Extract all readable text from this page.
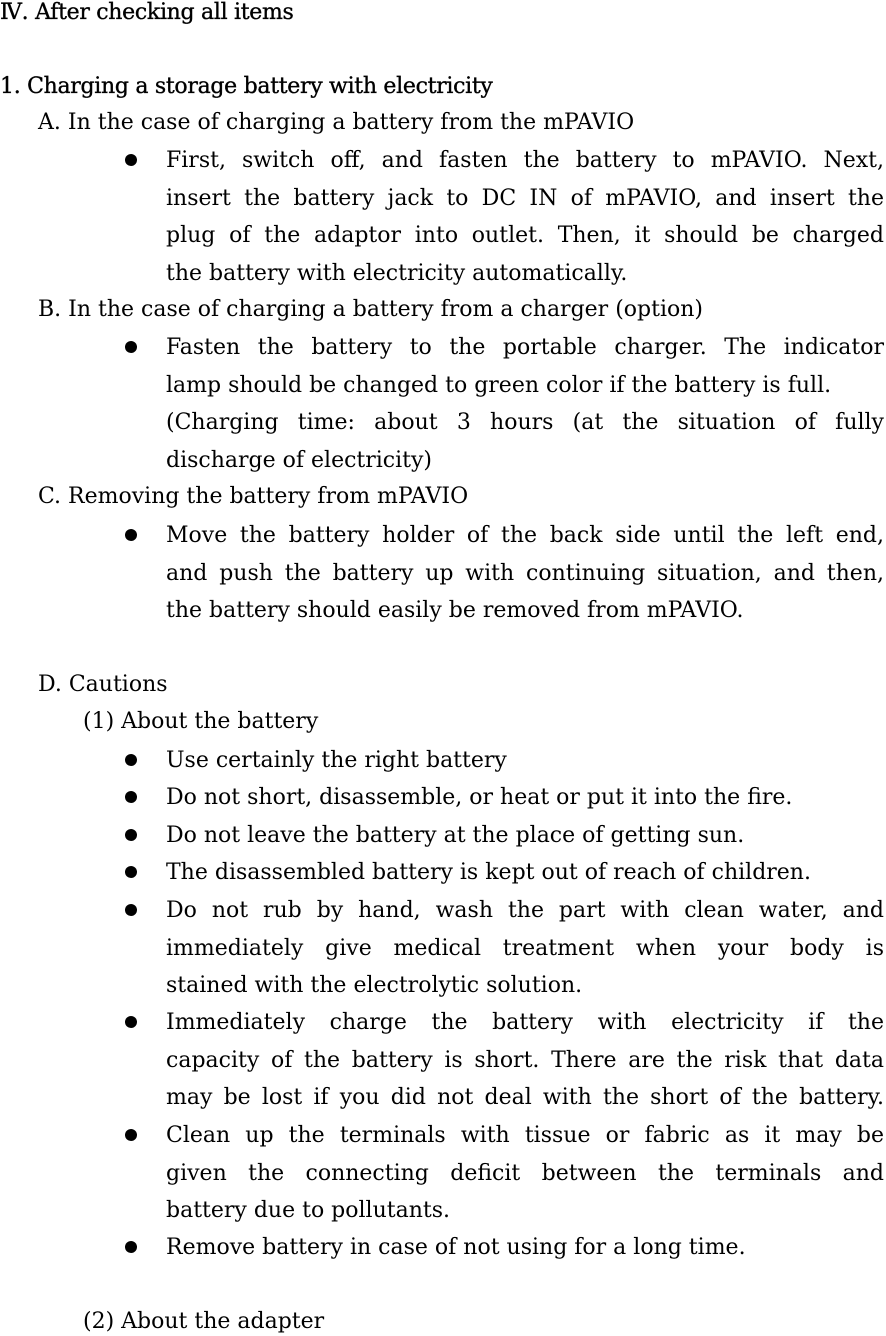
Ⅳ. After checking all items
1. Charging a storage battery with electricity
A. In the case of charging a battery from the mPAVIO
First, switch off, and fasten the battery to mPAVIO. Next,
insert the battery jack to DC IN of mPAVIO, and insert the
plug of the adaptor into outlet. Then, it should be charged
the battery with electricity automatically.
B. In the case of charging a battery from a charger (option)
Fasten the battery to the portable charger. The indicator
lamp should be changed to green color if the battery is full.
(Charging time: about 3 hours (at the situation of fully
discharge of electricity)
C. Removing the battery from mPAVIO
Move the battery holder of the back side until the left end,
and push the battery up with continuing situation, and then,
the battery should easily be removed from mPAVIO.
D. Cautions
(1) About the battery
Use certainly the right battery
Do not short, disassemble, or heat or put it into the fire.
Do not leave the battery at the place of getting sun.
The disassembled battery is kept out of reach of children.
Do not rub by hand, wash the part with clean water, and
immediately give medical treatment when your body is
stained with the electrolytic solution.
Immediately charge the battery with electricity if the
capacity of the battery is short. There are the risk that data
may be lost if you did not deal with the short of the battery.
Clean up the terminals with tissue or fabric as it may be
given the connecting deficit between the terminals and
battery due to pollutants.
Remove battery in case of not using for a long time.
(2) About the adapter
